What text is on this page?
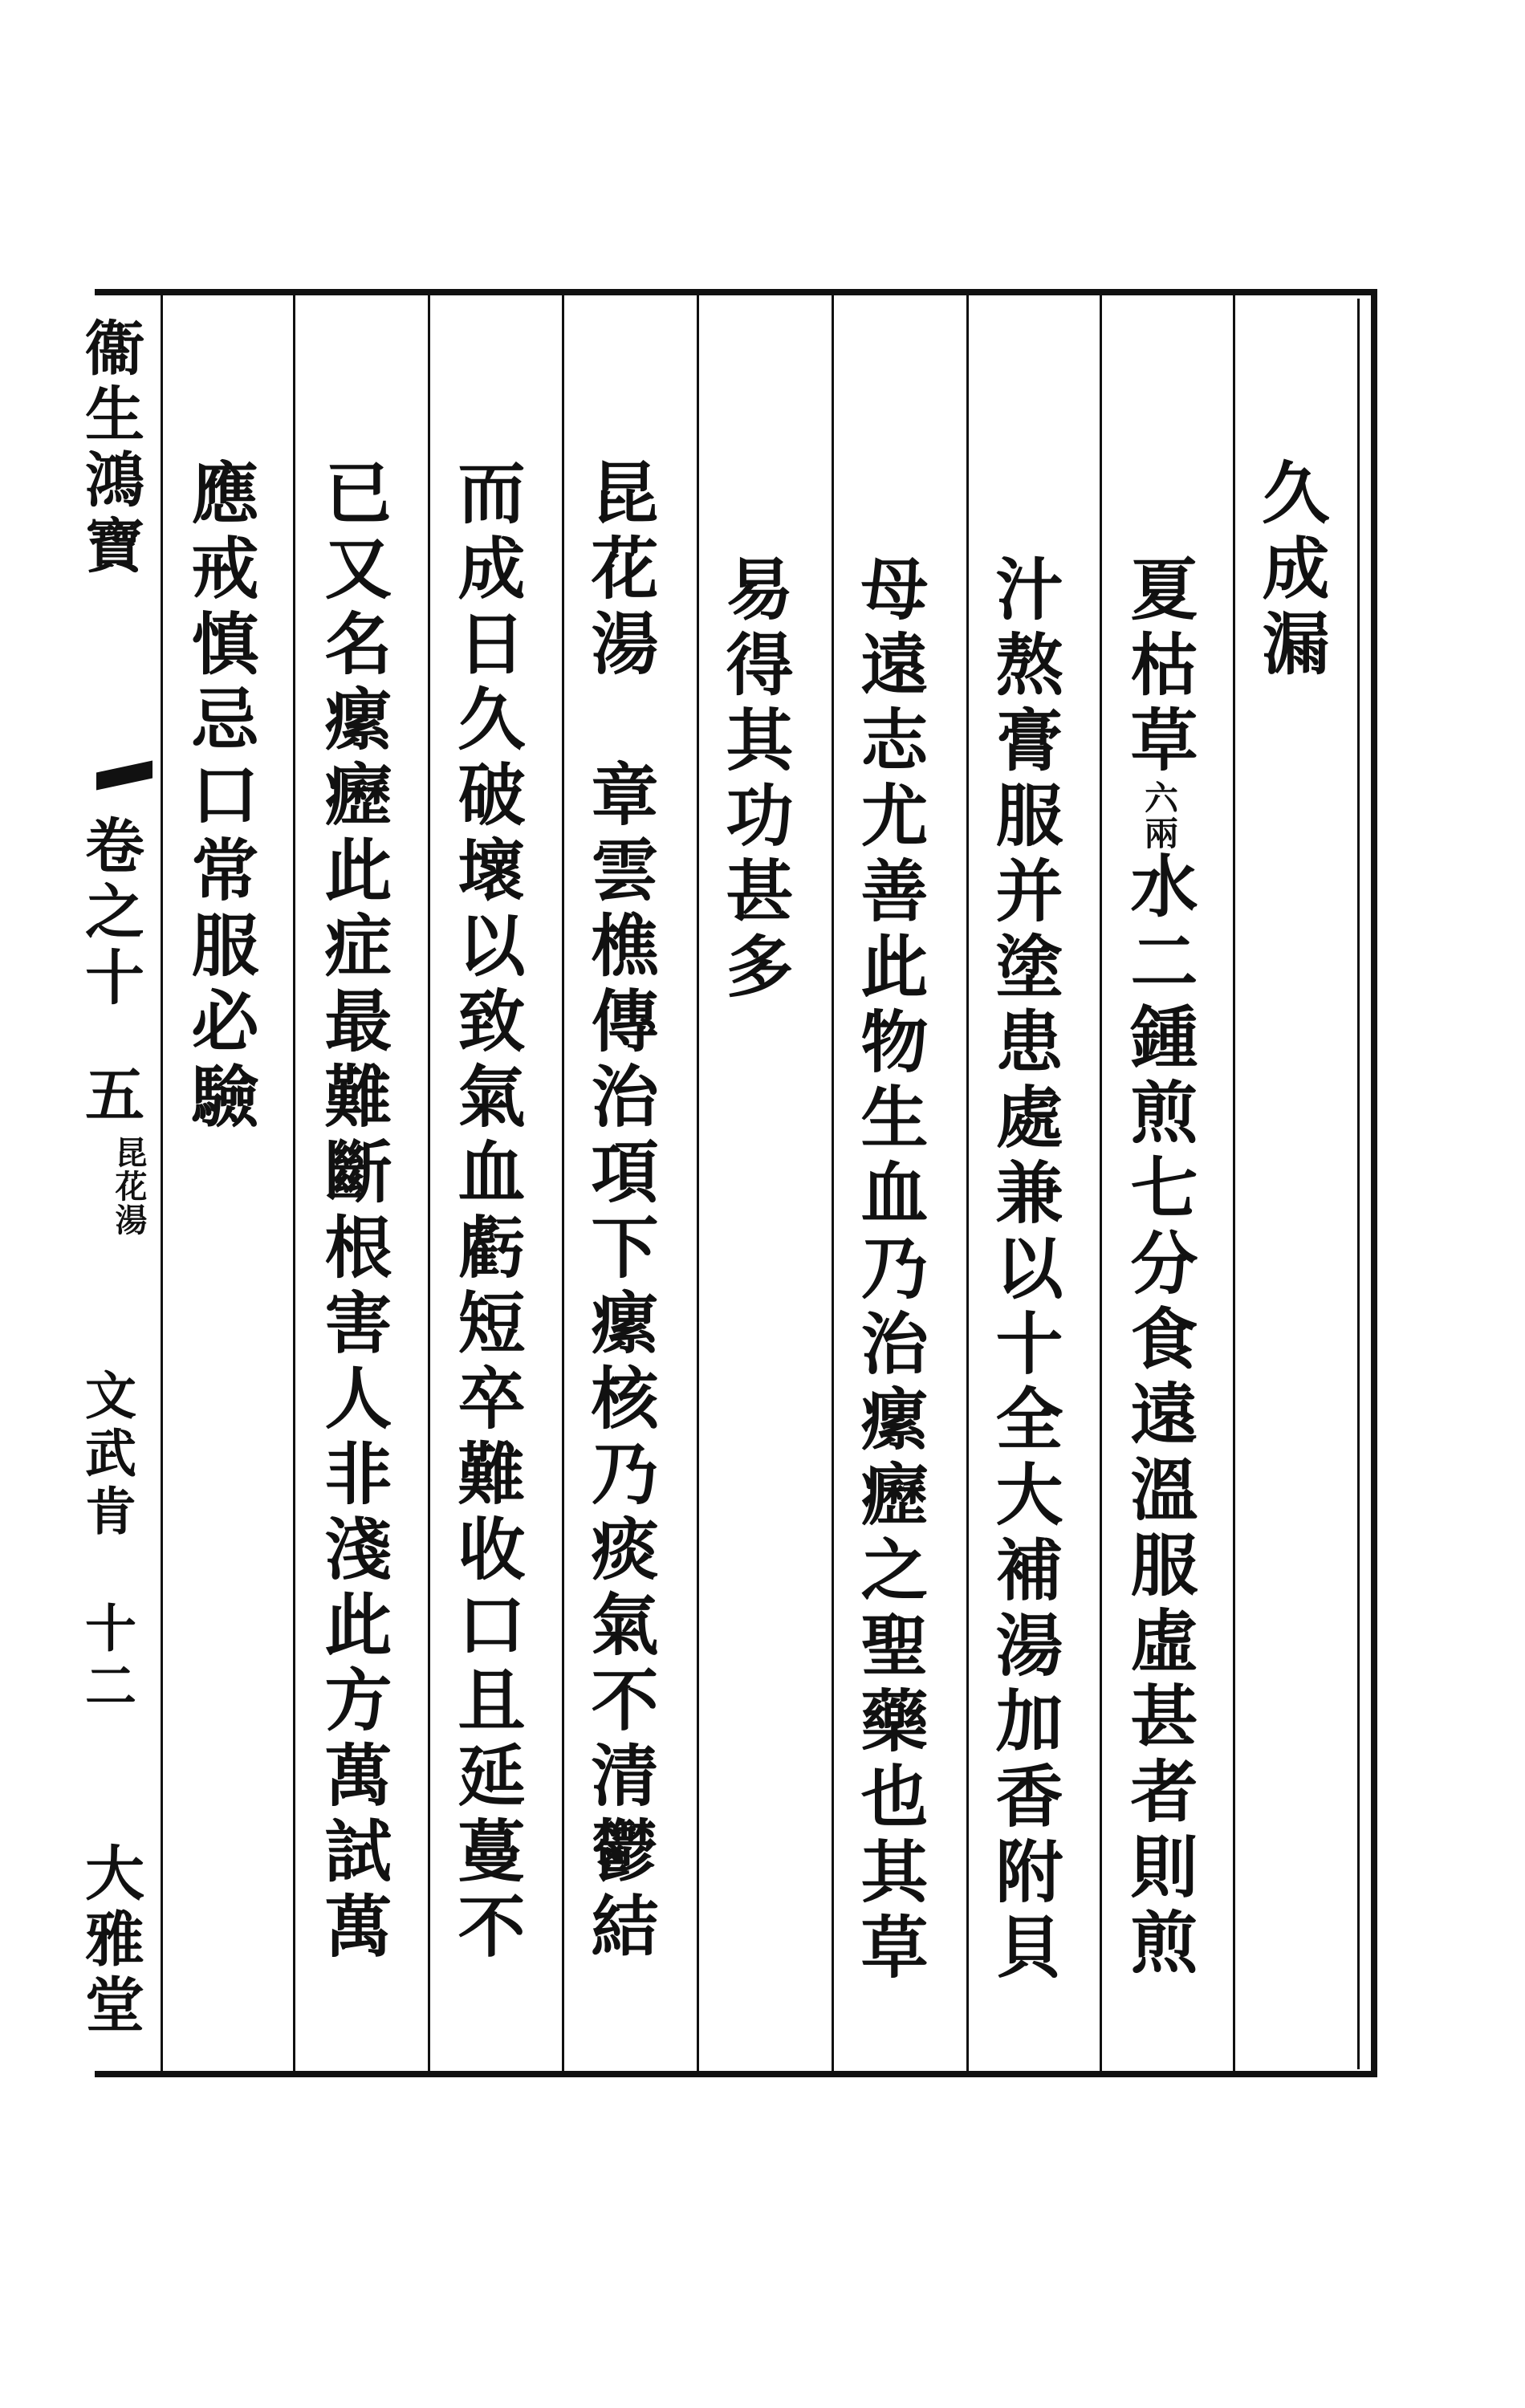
衞生鴻寶
卷之十
五
昆花湯
文武肯
十二
大雅堂
久成漏
夏枯草六兩水二鍾煎七分食遠溫服虛甚者則煎
汁熬膏服并塗患處兼以十全大補湯加香附貝
母遠志尤善此物生血乃治瘰癧之聖藥也其草
易得其功甚多
昆花湯　章雲樵傳治項下瘰核乃痰氣不清鬱結
而成日久破壞以致氣血虧短卒難收口且延蔓不
已又名瘰癧此症最難斷根害人非淺此方萬試萬
應戒慎忌口常服必驗
